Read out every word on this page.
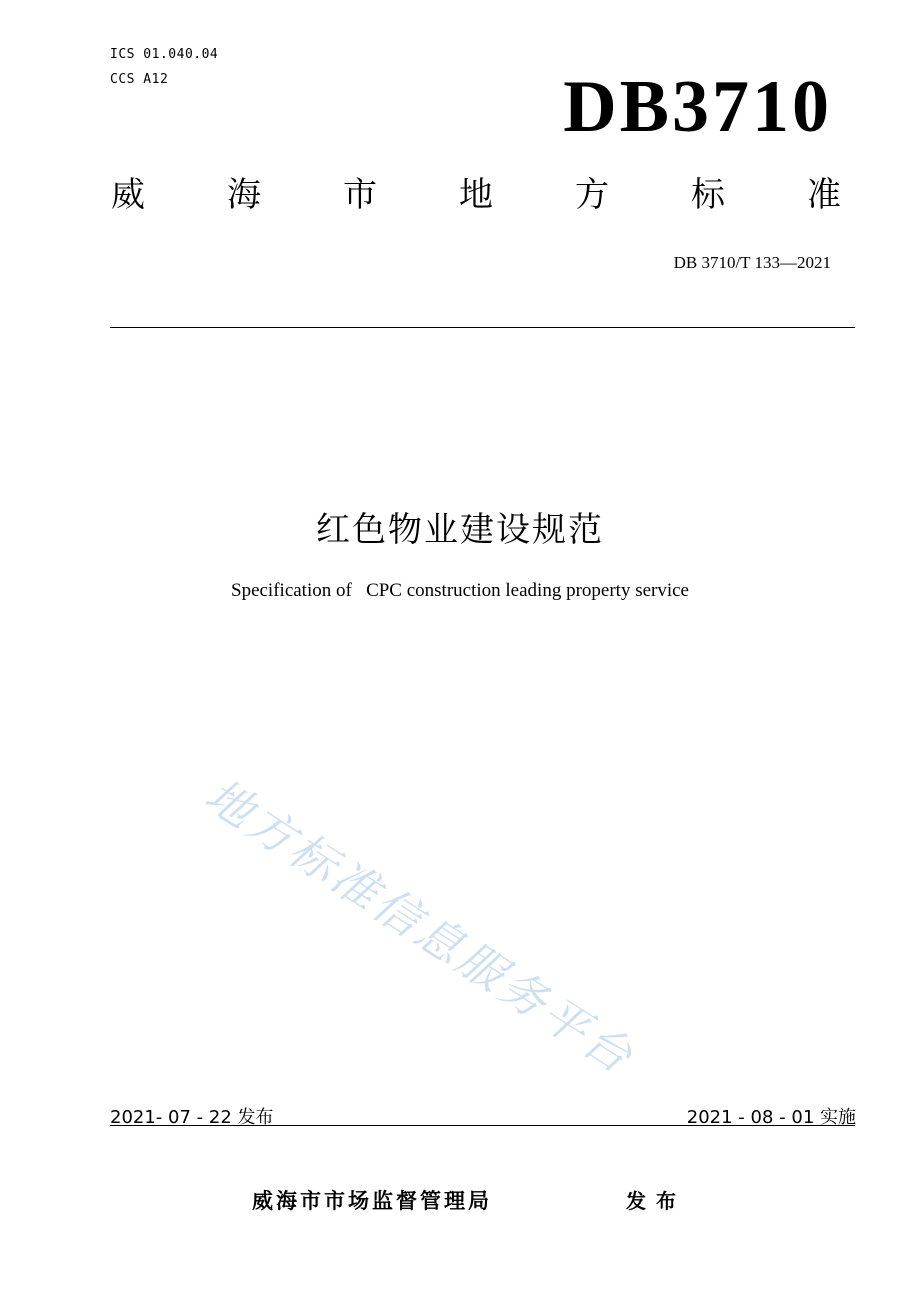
ICS 01.040.04
CCS A12	DB3710
威 海 市 地 方 标 准
DB 3710/T 133—2021
红色物业建设规范
Specification of   CPC construction leading property service
地方标准信息服务平台
2021- 07 - 22 发布	2021 - 08 - 01 实施
威海市市场监督管理局	发布
